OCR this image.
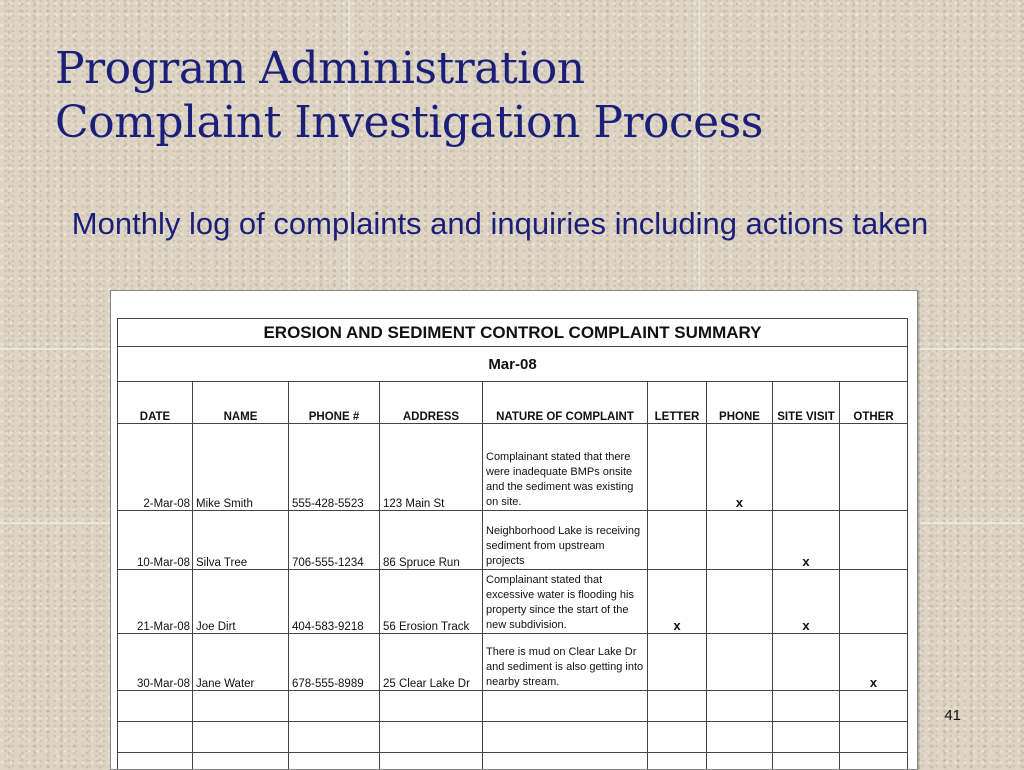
Program Administration
Complaint Investigation Process
Monthly log of complaints and inquiries including actions taken
EROSION AND SEDIMENT CONTROL COMPLAINT SUMMARY								
Mar-08								
DATE	NAME	PHONE #	ADDRESS	NATURE OF COMPLAINT	LETTER	PHONE	SITE VISIT	OTHER
2-Mar-08	Mike Smith	555-428-5523	123 Main St	Complainant stated that there were inadequate BMPs onsite and the sediment was existing on site.		x		
10-Mar-08	Silva Tree	706-555-1234	86 Spruce Run	Neighborhood Lake is receiving sediment from upstream projects			x	
21-Mar-08	Joe Dirt	404-583-9218	56 Erosion Track	Complainant stated that excessive water is flooding his property since the start of the new subdivision.	x		x	
30-Mar-08	Jane Water	678-555-8989	25 Clear Lake Dr	There is mud on Clear Lake Dr and sediment is also getting into nearby stream.				x

41
